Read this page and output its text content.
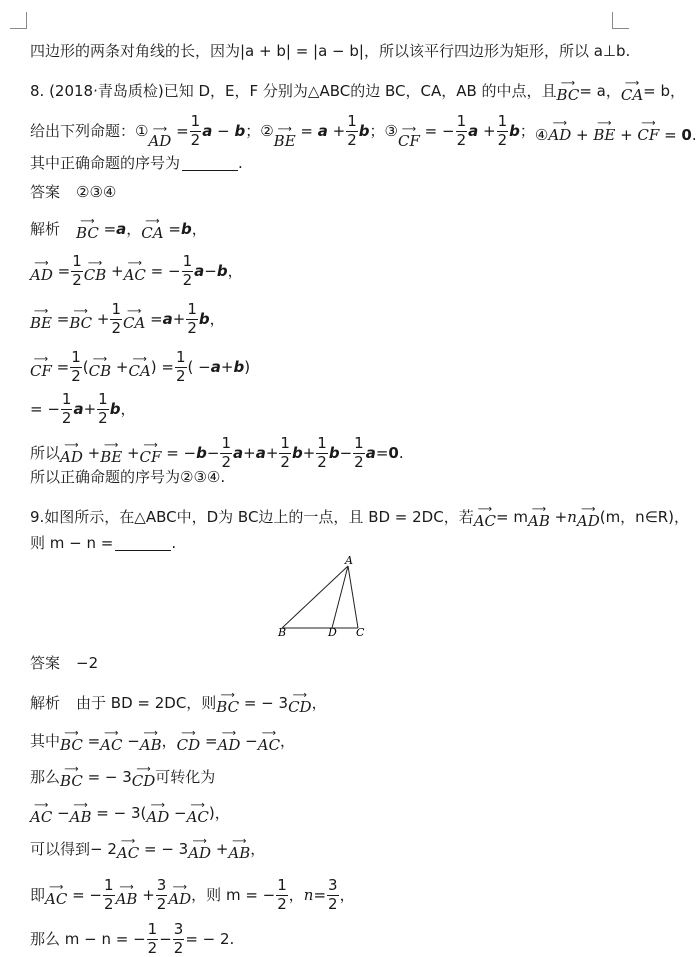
四边形的两条对角线的长，因为|a + b| = |a − b|，所以该平行四边形为矩形，所以 a⊥b.
8. (2018·青岛质检)已知 D，E，F 分别为△ABC的边 BC，CA，AB 的中点，且 ⟶
BC = a， ⟶
CA = b，
给出下列命题： ① ⟶
AD
= $\frac{1}{2}$ a − b； ② ⟶
BE
= $a + \frac{1}{2}$ b； ③ ⟶
CF
= − $\frac{1}{2}$ $a + \frac{1}{2}$ b； ④
⟶
AD +
⟶
BE +
⟶
CF = 0.
其中正确命题的序号为	.
答案 ②③④
解析 ⟶
BC = a ， ⟶
CA = b ，
⟶
AD = $\frac{1}{2}$ ⟶
CB + ⟶
AC = − $\frac{1}{2}$ a − b ，
⟶
BE = ⟶
BC + $\frac{1}{2}$ ⟶
CA = $a + \frac{1}{2}$ b ，
⟶
CF = $\frac{1}{2}$ ( ⟶
CB + ⟶
CA ) = $\frac{1}{2}$ ( − a + b )
= − $\frac{1}{2}$ $a + \frac{1}{2}$ b ，
所以 ⟶
AD + ⟶
BE + ⟶
CF = − $b - \frac{1}{2}$ $a + a + \frac{1}{2}$ $b + \frac{1}{2}$ $b - \frac{1}{2}$ a = 0 .
所以正确命题的序号为②③④.
9.如图所示，在△ABC中，D为 BC边上的一点，且 BD = 2DC，若 ⟶
AC = m ⟶
AB + n ⟶
AD (m，n∈R)，
则 m − n =	.
A
B	D C
答案 −2
解析 由于 BD = 2DC，则 ⟶
BC = − 3 ⟶
CD ，
其中 ⟶
BC = ⟶
AC − ⟶
AB ， ⟶
CD = ⟶
AD − ⟶
AC ，
那么 ⟶
BC = − 3 ⟶
CD 可转化为
⟶
AC − ⟶
AB = − 3( ⟶
AD − ⟶
AC )，
可以得到 − 2 ⟶
AC = − 3 ⟶
AD + ⟶
AB ，
即 ⟶
AC = − $\frac{1}{2}$ ⟶
AB + $\frac{3}{2}$ ⟶
AD ，则 m = − $\frac{1}{2}$ ， $n = \frac{3}{2}$ ，
那么 m − n = − $\frac{1}{2} - \frac{3}{2}$ = − 2.
